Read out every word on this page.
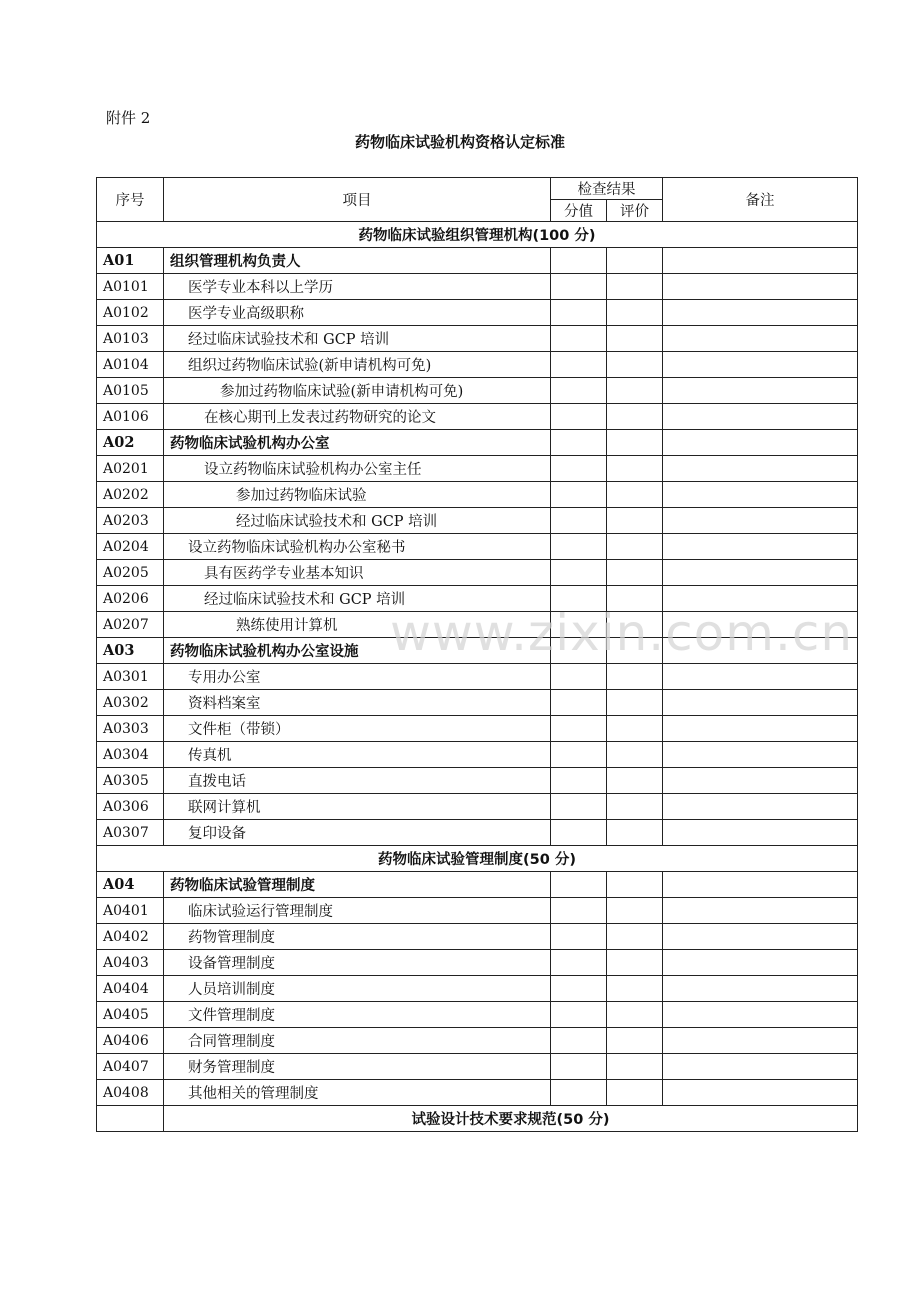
附件 2
药物临床试验机构资格认定标准
序号	项目	检查结果		备注
		分值	评价	
药物临床试验组织管理机构(100 分)				
A01	组织管理机构负责人			
A0101	医学专业本科以上学历			
A0102	医学专业高级职称			
A0103	经过临床试验技术和 GCP 培训			
A0104	组织过药物临床试验(新申请机构可免)			
A0105	参加过药物临床试验(新申请机构可免)			
A0106	在核心期刊上发表过药物研究的论文			
A02	药物临床试验机构办公室			
A0201	设立药物临床试验机构办公室主任			
A0202	参加过药物临床试验			
A0203	经过临床试验技术和 GCP 培训			
A0204	设立药物临床试验机构办公室秘书			
A0205	具有医药学专业基本知识			
A0206	经过临床试验技术和 GCP 培训			
A0207	熟练使用计算机			
A03	药物临床试验机构办公室设施			
A0301	专用办公室			
A0302	资料档案室			
A0303	文件柜（带锁）			
A0304	传真机			
A0305	直拨电话			
A0306	联网计算机			
A0307	复印设备			
药物临床试验管理制度(50 分)				
A04	药物临床试验管理制度			
A0401	临床试验运行管理制度			
A0402	药物管理制度			
A0403	设备管理制度			
A0404	人员培训制度			
A0405	文件管理制度			
A0406	合同管理制度			
A0407	财务管理制度			
A0408	其他相关的管理制度			
	试验设计技术要求规范(50 分)			
www.zixin.com.cn
